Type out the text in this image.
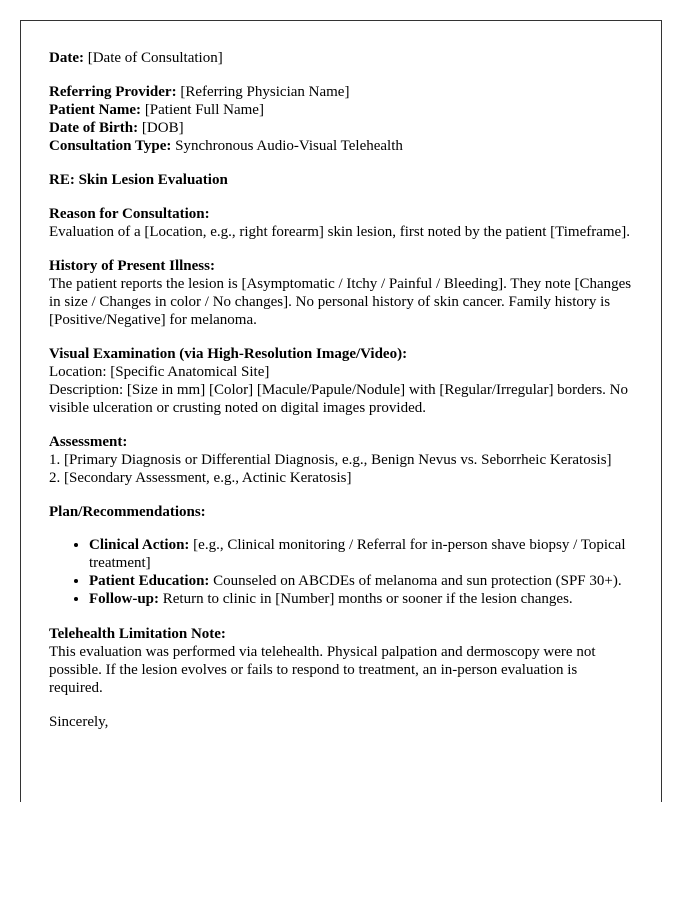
Date: [Date of Consultation]

Referring Provider: [Referring Physician Name]
Patient Name: [Patient Full Name]
Date of Birth: [DOB]
Consultation Type: Synchronous Audio-Visual Telehealth

RE: Skin Lesion Evaluation

Reason for Consultation:
Evaluation of a [Location, e.g., right forearm] skin lesion, first noted by the patient [Timeframe].

History of Present Illness:
The patient reports the lesion is [Asymptomatic / Itchy / Painful / Bleeding]. They note [Changes in size / Changes in color / No changes]. No personal history of skin cancer. Family history is [Positive/Negative] for melanoma.

Visual Examination (via High-Resolution Image/Video):
Location: [Specific Anatomical Site]
Description: [Size in mm] [Color] [Macule/Papule/Nodule] with [Regular/Irregular] borders. No visible ulceration or crusting noted on digital images provided.

Assessment:
1. [Primary Diagnosis or Differential Diagnosis, e.g., Benign Nevus vs. Seborrheic Keratosis]
2. [Secondary Assessment, e.g., Actinic Keratosis]

Plan/Recommendations:

• Clinical Action: [e.g., Clinical monitoring / Referral for in-person shave biopsy / Topical treatment]
• Patient Education: Counseled on ABCDEs of melanoma and sun protection (SPF 30+).
• Follow-up: Return to clinic in [Number] months or sooner if the lesion changes.

Telehealth Limitation Note:
This evaluation was performed via telehealth. Physical palpation and dermoscopy were not possible. If the lesion evolves or fails to respond to treatment, an in-person evaluation is required.

Sincerely,
